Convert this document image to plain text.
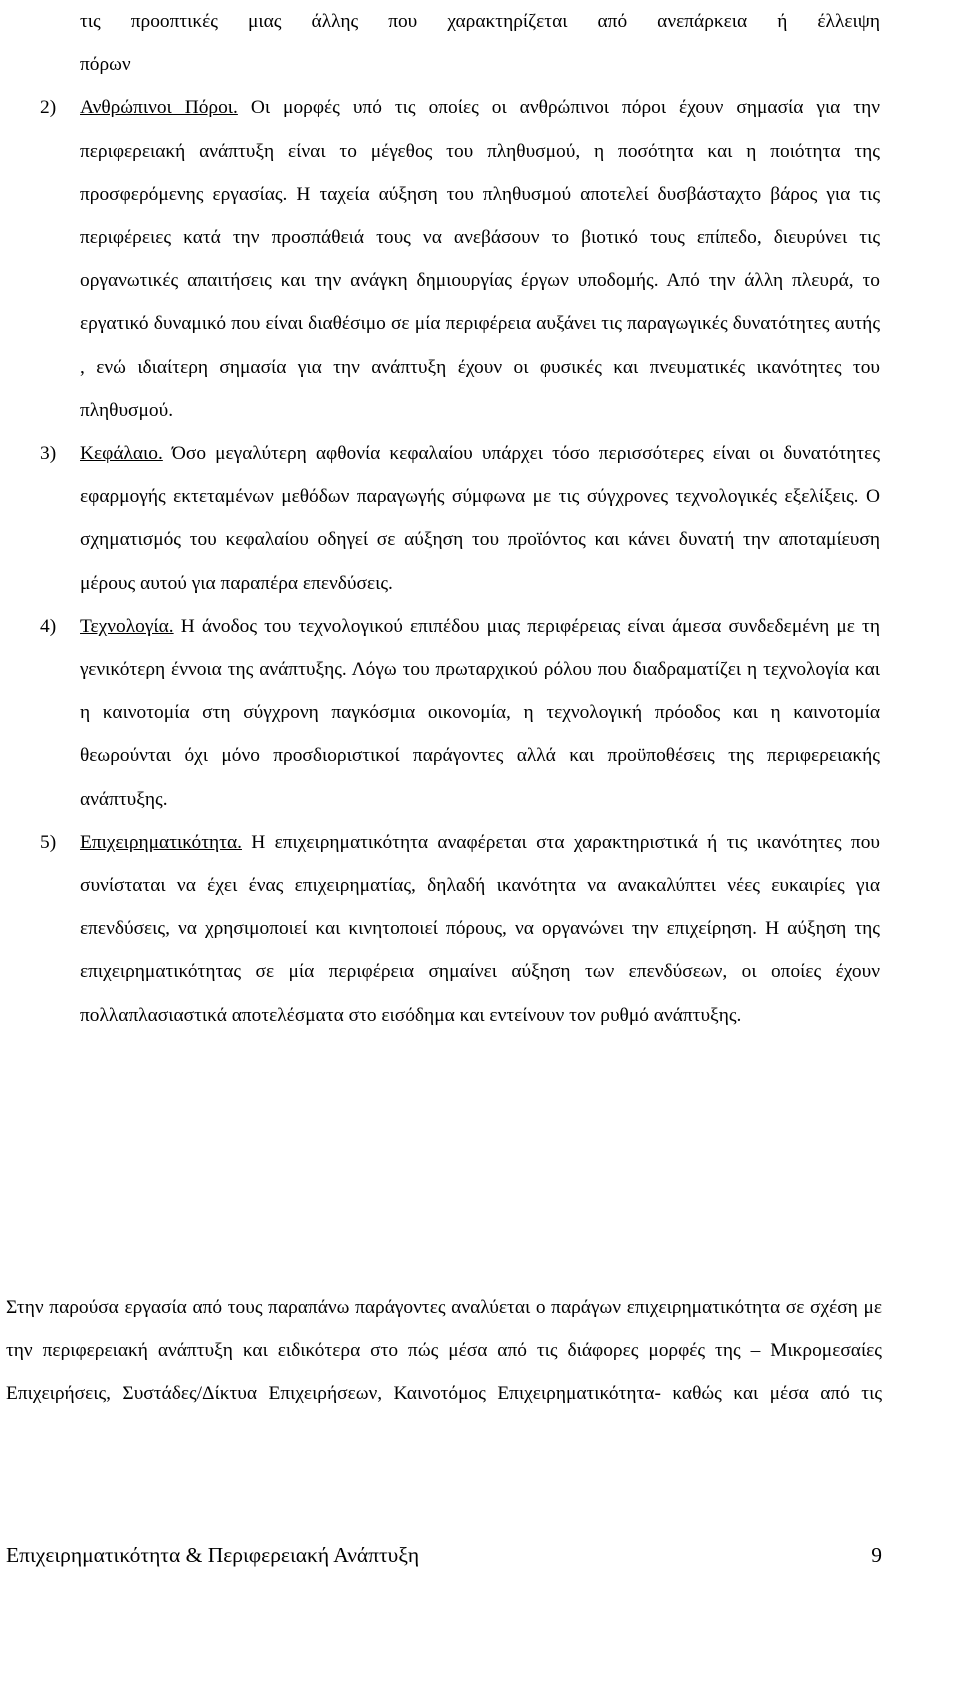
τις προοπτικές μιας άλλης που χαρακτηρίζεται από ανεπάρκεια ή έλλειψη

πόρων

2) Ανθρώπινοι Πόροι. Οι μορφές υπό τις οποίες οι ανθρώπινοι πόροι έχουν σημασία για την περιφερειακή ανάπτυξη είναι το μέγεθος του πληθυσμού, η ποσότητα και η ποιότητα της προσφερόμενης εργασίας. Η ταχεία αύξηση του πληθυσμού αποτελεί δυσβάσταχτο βάρος για τις περιφέρειες κατά την προσπάθειά τους να ανεβάσουν το βιοτικό τους επίπεδο, διευρύνει τις οργανωτικές απαιτήσεις και την ανάγκη δημιουργίας έργων υποδομής. Από την άλλη πλευρά, το εργατικό δυναμικό που είναι διαθέσιμο σε μία περιφέρεια αυξάνει τις παραγωγικές δυνατότητες αυτής , ενώ ιδιαίτερη σημασία για την ανάπτυξη έχουν οι φυσικές και πνευματικές ικανότητες του πληθυσμού.

3) Κεφάλαιο. Όσο μεγαλύτερη αφθονία κεφαλαίου υπάρχει τόσο περισσότερες είναι οι δυνατότητες εφαρμογής εκτεταμένων μεθόδων παραγωγής σύμφωνα με τις σύγχρονες τεχνολογικές εξελίξεις. Ο σχηματισμός του κεφαλαίου οδηγεί σε αύξηση του προϊόντος και κάνει δυνατή την αποταμίευση μέρους αυτού για παραπέρα επενδύσεις.

4) Τεχνολογία. Η άνοδος του τεχνολογικού επιπέδου μιας περιφέρειας είναι άμεσα συνδεδεμένη με τη γενικότερη έννοια της ανάπτυξης. Λόγω του πρωταρχικού ρόλου που διαδραματίζει η τεχνολογία και η καινοτομία στη σύγχρονη παγκόσμια οικονομία, η τεχνολογική πρόοδος και η καινοτομία θεωρούνται όχι μόνο προσδιοριστικοί παράγοντες αλλά και προϋποθέσεις της περιφερειακής ανάπτυξης.

5) Επιχειρηματικότητα. Η επιχειρηματικότητα αναφέρεται στα χαρακτηριστικά ή τις ικανότητες που συνίσταται να έχει ένας επιχειρηματίας, δηλαδή ικανότητα να ανακαλύπτει νέες ευκαιρίες για επενδύσεις, να χρησιμοποιεί και κινητοποιεί πόρους, να οργανώνει την επιχείρηση. Η αύξηση της επιχειρηματικότητας σε μία περιφέρεια σημαίνει αύξηση των επενδύσεων, οι οποίες έχουν πολλαπλασιαστικά αποτελέσματα στο εισόδημα και εντείνουν τον ρυθμό ανάπτυξης.

Στην παρούσα εργασία από τους παραπάνω παράγοντες αναλύεται ο παράγων επιχειρηματικότητα σε σχέση με την περιφερειακή ανάπτυξη και ειδικότερα στο πώς μέσα από τις διάφορες μορφές της – Μικρομεσαίες Επιχειρήσεις, Συστάδες/Δίκτυα Επιχειρήσεων, Καινοτόμος Επιχειρηματικότητα- καθώς και μέσα από τις

Επιχειρηματικότητα & Περιφερειακή Ανάπτυξη	9
